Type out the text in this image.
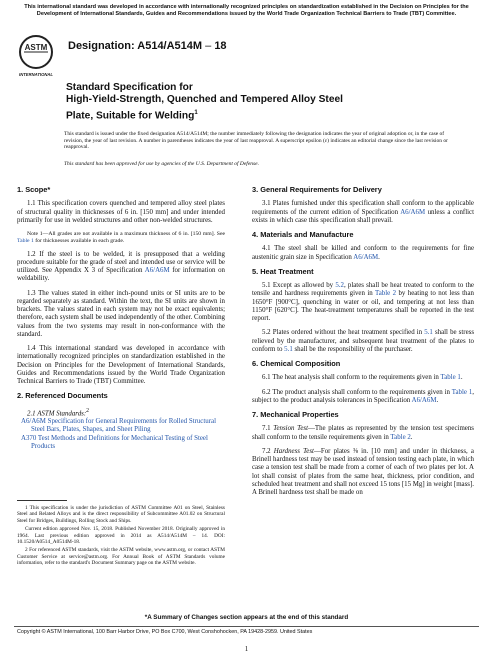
This international standard was developed in accordance with internationally recognized principles on standardization established in the Decision on Principles for the Development of International Standards, Guides and Recommendations issued by the World Trade Organization Technical Barriers to Trade (TBT) Committee.
ASTM
INTERNATIONAL
Designation: A514/A514M – 18
Standard Specification for
High-Yield-Strength, Quenched and Tempered Alloy Steel
Plate, Suitable for Welding$^1$
This standard is issued under the fixed designation A514/A514M; the number immediately following the designation indicates the year of original adoption or, in the case of revision, the year of last revision. A number in parentheses indicates the year of last reapproval. A superscript epsilon (ε) indicates an editorial change since the last revision or reapproval.
This standard has been approved for use by agencies of the U.S. Department of Defense.
1. Scope*

1.1 This specification covers quenched and tempered alloy steel plates of structural quality in thicknesses of 6 in. [150 mm] and under intended primarily for use in welded structures and other non-welded structures.

Note 1—All grades are not available in a maximum thickness of 6 in. [150 mm]. See Table 1 for thicknesses available in each grade.

1.2 If the steel is to be welded, it is presupposed that a welding procedure suitable for the grade of steel and intended use or service will be utilized. See Appendix X 3 of Specification A6/A6M for information on weldability.

1.3 The values stated in either inch-pound units or SI units are to be regarded separately as standard. Within the text, the SI units are shown in brackets. The values stated in each system may not be exact equivalents; therefore, each system shall be used independently of the other. Combining values from the two systems may result in non-conformance with the standard.

1.4 This international standard was developed in accordance with internationally recognized principles on standardization established in the Decision on Principles for the Development of International Standards, Guides and Recommendations issued by the World Trade Organization Technical Barriers to Trade (TBT) Committee.

2. Referenced Documents
2.1 ASTM Standards:$^2$
A6/A6M Specification for General Requirements for Rolled Structural Steel Bars, Plates, Shapes, and Sheet Piling
A370 Test Methods and Definitions for Mechanical Testing of Steel Products

1 This specification is under the jurisdiction of ASTM Committee A01 on Steel, Stainless Steel and Related Alloys and is the direct responsibility of Subcommittee A01.02 on Structural Steel for Bridges, Buildings, Rolling Stock and Ships.

Current edition approved Nov. 15, 2018. Published November 2018. Originally approved in 1964. Last previous edition approved in 2014 as A514/A514M – 14. DOI: 10.1520/A0514_A0514M-18.

2 For referenced ASTM standards, visit the ASTM website, www.astm.org, or contact ASTM Customer Service at service@astm.org. For Annual Book of ASTM Standards volume information, refer to the standard's Document Summary page on the ASTM website.

3. General Requirements for Delivery

3.1 Plates furnished under this specification shall conform to the applicable requirements of the current edition of Specification A6/A6M unless a conflict exists in which case this specification shall prevail.

4. Materials and Manufacture

4.1 The steel shall be killed and conform to the requirements for fine austenitic grain size in Specification A6/A6M.

5. Heat Treatment

5.1 Except as allowed by 5.2, plates shall be heat treated to conform to the tensile and hardness requirements given in Table 2 by heating to not less than 1650°F [900°C], quenching in water or oil, and tempering at not less than 1150°F [620°C]. The heat-treatment temperatures shall be reported in the test report.

5.2 Plates ordered without the heat treatment specified in 5.1 shall be stress relieved by the manufacturer, and subsequent heat treatment of the plates to conform to 5.1 shall be the responsibility of the purchaser.

6. Chemical Composition

6.1 The heat analysis shall conform to the requirements given in Table 1.

6.2 The product analysis shall conform to the requirements given in Table 1, subject to the product analysis tolerances in Specification A6/A6M.

7. Mechanical Properties

7.1 Tension Test—The plates as represented by the tension test specimens shall conform to the tensile requirements given in Table 2.

7.2 Hardness Test—For plates ⅜ in. [10 mm] and under in thickness, a Brinell hardness test may be used instead of tension testing each plate, in which case a tension test shall be made from a corner of each of two plates per lot. A lot shall consist of plates from the same heat, thickness, prior condition, and scheduled heat treatment and shall not exceed 15 tons [15 Mg] in weight [mass]. A Brinell hardness test shall be made on

*A Summary of Changes section appears at the end of this standard
Copyright © ASTM International, 100 Barr Harbor Drive, PO Box C700, West Conshohocken, PA 19428-2959. United States
1
